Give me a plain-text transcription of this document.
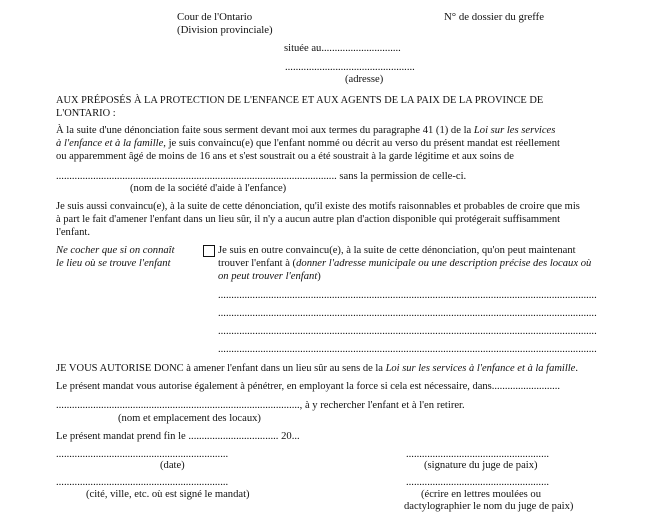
Cour de l'Ontario
(Division provinciale)
N° de dossier du greffe
située au..............................
.................................................
(adresse)
AUX PRÉPOSÉS À LA PROTECTION DE L'ENFANCE ET AUX AGENTS DE LA PAIX DE LA PROVINCE DE
L'ONTARIO :
À la suite d'une dénonciation faite sous serment devant moi aux termes du paragraphe 41 (1) de la Loi sur les services
à l'enfance et à la famille, je suis convaincu(e) que l'enfant nommé ou décrit au verso du présent mandat est réellement
ou apparemment âgé de moins de 16 ans et s'est soustrait ou a été soustrait à la garde légitime et aux soins de
.......................................................................................................... sans la permission de celle-ci.
(nom de la société d'aide à l'enfance)
Je suis aussi convaincu(e), à la suite de cette dénonciation, qu'il existe des motifs raisonnables et probables de croire que mis
à part le fait d'amener l'enfant dans un lieu sûr, il n'y a aucun autre plan d'action disponible qui protégerait suffisamment
l'enfant.
Ne cocher que si on connaît
le lieu où se trouve l'enfant
Je suis en outre convaincu(e), à la suite de cette dénonciation, qu'on peut maintenant
trouver l'enfant à (donner l'adresse municipale ou une description précise des locaux où
on peut trouver l'enfant)
...............................................................................................................................................
...............................................................................................................................................
...............................................................................................................................................
...............................................................................................................................................
JE VOUS AUTORISE DONC à amener l'enfant dans un lieu sûr au sens de la Loi sur les services à l'enfance et à la famille.
Le présent mandat vous autorise également à pénétrer, en employant la force si cela est nécessaire, dans..........................
............................................................................................, à y rechercher l'enfant et à l'en retirer.
(nom et emplacement des locaux)
Le présent mandat prend fin le .................................. 20...
.................................................................
(date)
......................................................
(signature du juge de paix)
.................................................................
(cité, ville, etc. où est signé le mandat)
......................................................
(écrire en lettres moulées ou
dactylographier le nom du juge de paix)
